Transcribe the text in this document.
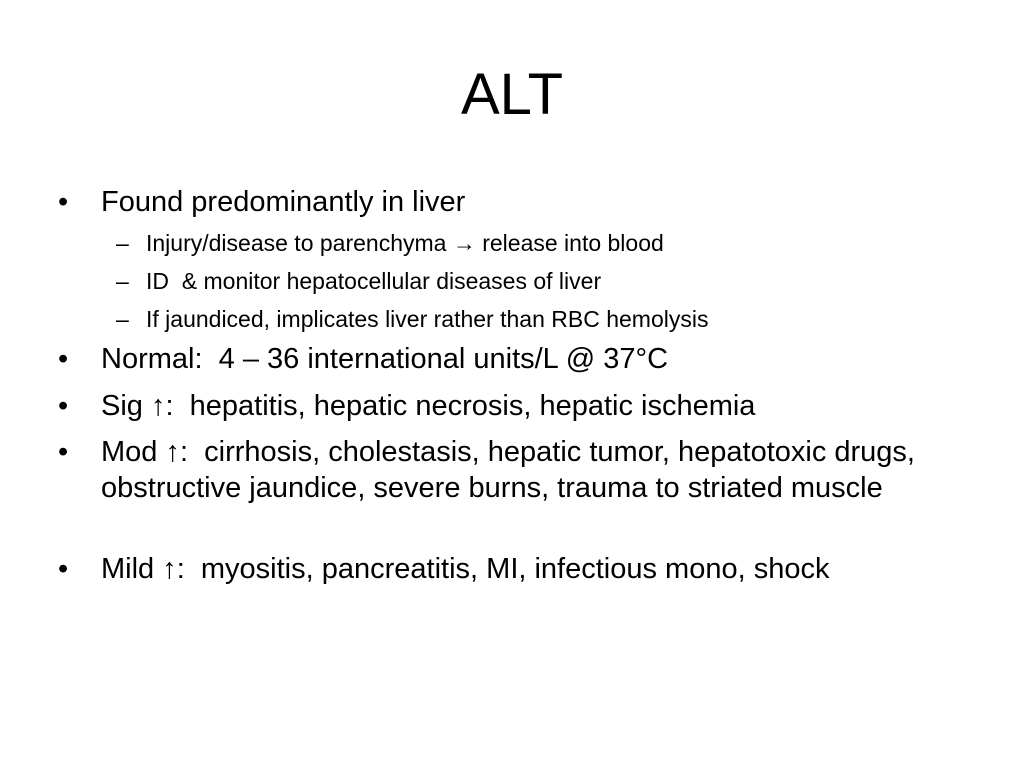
ALT
• Found predominantly in liver
– Injury/disease to parenchyma → release into blood
– ID  & monitor hepatocellular diseases of liver
– If jaundiced, implicates liver rather than RBC hemolysis
• Normal:  4 – 36 international units/L @ 37°C
• Sig ↑:  hepatitis, hepatic necrosis, hepatic ischemia
• Mod ↑:  cirrhosis, cholestasis, hepatic tumor, hepatotoxic drugs, obstructive jaundice, severe burns, trauma to striated muscle
• Mild ↑:  myositis, pancreatitis, MI, infectious mono, shock
